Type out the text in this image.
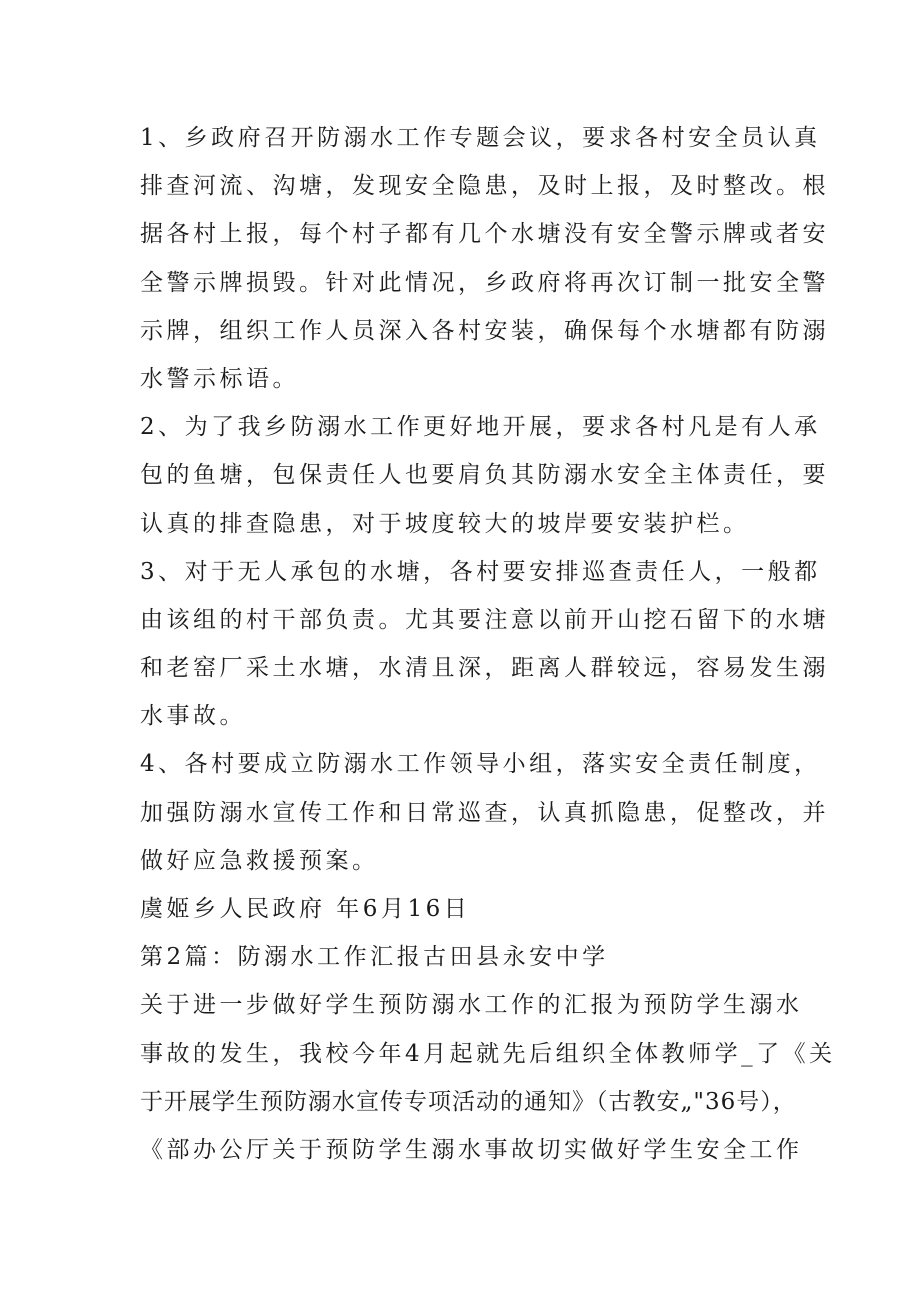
1、乡政府召开防溺水工作专题会议，要求各村安全员认真
排查河流、沟塘，发现安全隐患，及时上报，及时整改。根
据各村上报，每个村子都有几个水塘没有安全警示牌或者安
全警示牌损毁。针对此情况，乡政府将再次订制一批安全警
示牌，组织工作人员深入各村安装，确保每个水塘都有防溺
水警示标语。
2、为了我乡防溺水工作更好地开展，要求各村凡是有人承
包的鱼塘，包保责任人也要肩负其防溺水安全主体责任，要
认真的排查隐患，对于坡度较大的坡岸要安装护栏。
3、对于无人承包的水塘，各村要安排巡查责任人，一般都
由该组的村干部负责。尤其要注意以前开山挖石留下的水塘
和老窑厂采土水塘，水清且深，距离人群较远，容易发生溺
水事故。
4、各村要成立防溺水工作领导小组，落实安全责任制度，
加强防溺水宣传工作和日常巡查，认真抓隐患，促整改，并
做好应急救援预案。
虞姬乡人民政府 年6月16日
第2篇：防溺水工作汇报古田县永安中学
关于进一步做好学生预防溺水工作的汇报为预防学生溺水
事故的发生，我校今年4月起就先后组织全体教师学_了《关
于开展学生预防溺水宣传专项活动的通知》（古教安„"36号），
《部办公厅关于预防学生溺水事故切实做好学生安全工作
